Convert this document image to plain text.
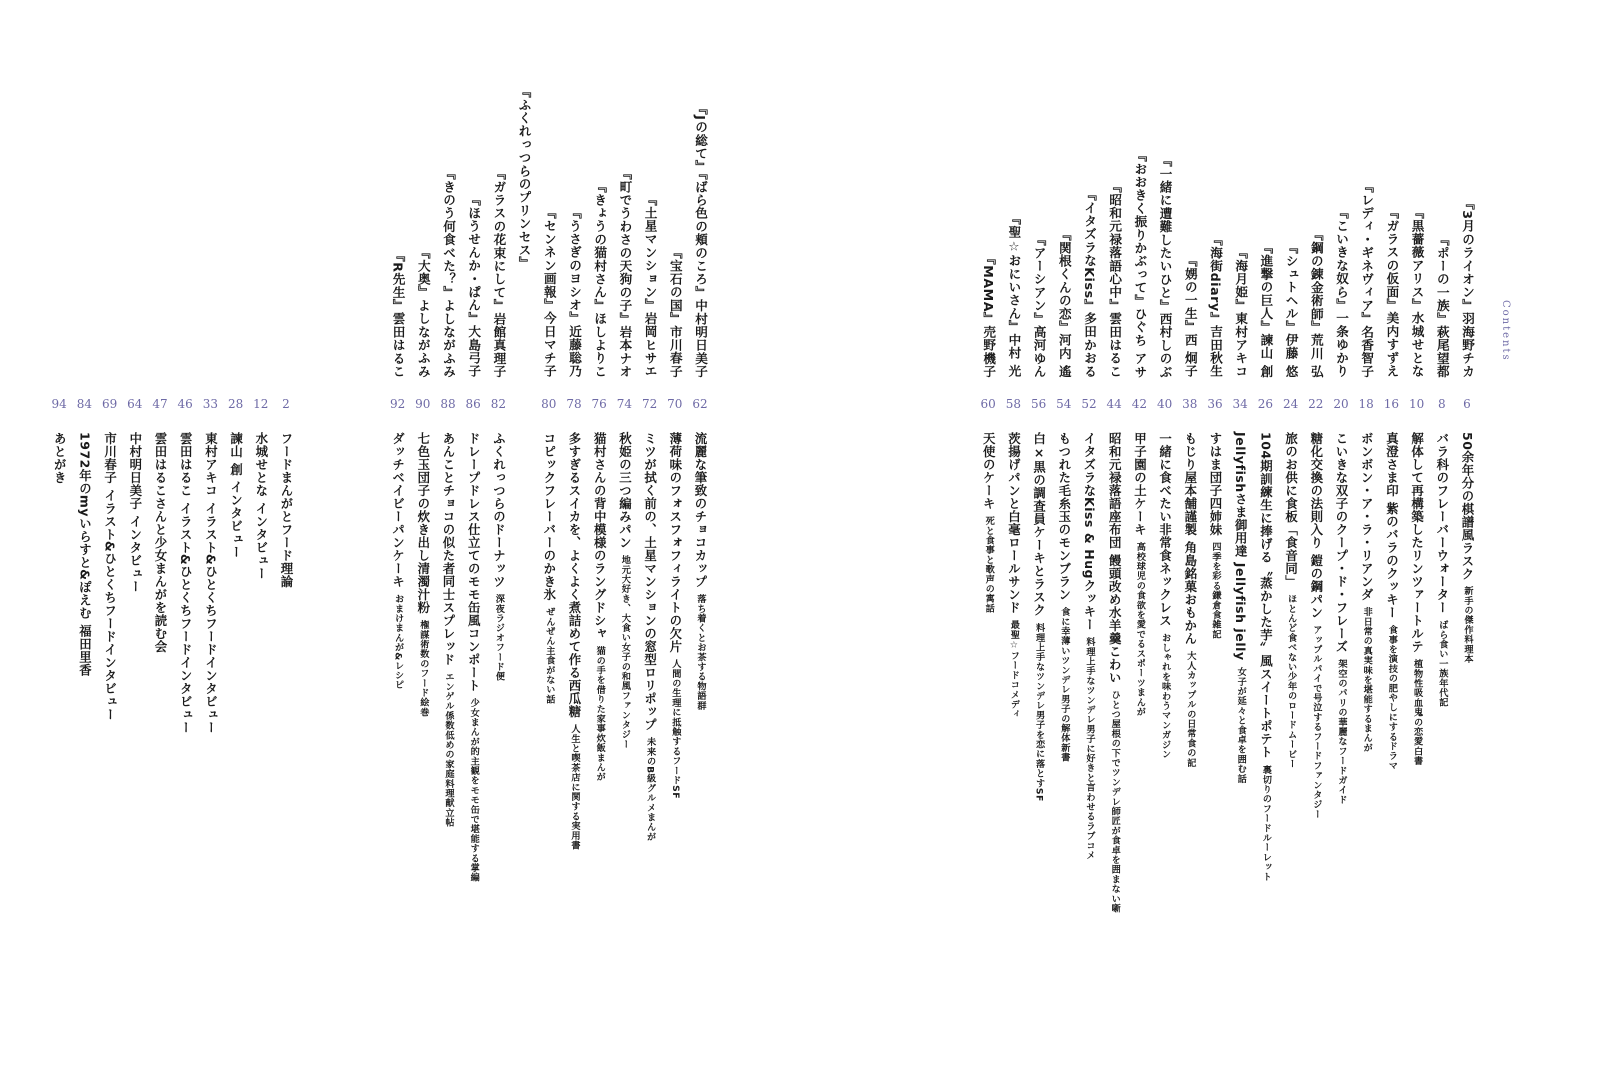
Contents
『3月のライオン』羽海野チカ
6
50余年分の棋譜風ラスク新手の傑作料理本
『ポーの一族』萩尾望都
8
バラ科のフレーバーウォーターばら食い一族年代記
『黒薔薇アリス』水城せとな
10
解体して再構築したリンツァートルテ植物性吸血鬼の恋愛白書
『ガラスの仮面』美内すずえ
16
真澄さま印 紫のバラのクッキー食事を演技の肥やしにするドラマ
『レディ・ギネヴィア』名香智子
18
ボンボン・ア・ラ・リアンダ非日常の真実味を堪能するまんが
『こいきな奴ら』一条ゆかり
20
こいきな双子のクープ・ド・フレーズ架空のパリの華麗なフードガイド
『鋼の錬金術師』荒川 弘
22
糖化交換の法則入り 鎧の鋼パンアップルパイで号泣するフードファンタジー
『シュトヘル』伊藤 悠
24
旅のお供に食板「食音同」ほとんど食べない少年のロードムービー
『進撃の巨人』諫山 創
26
104期訓練生に捧げる〝蒸かした芋〟風スイートポテト裏切りのフードルーレット
『海月姫』東村アキコ
34
Jellyfishさま御用達 Jellyfish jelly女子が延々と食卓を囲む話
『海街diary』吉田秋生
36
すはま団子四姉妹四季を彩る鎌倉食雑記
『娚の一生』西 炯子
38
もじり屋本舗謹製 角島銘菓おもかん大人カップルの日常食の記
『一緒に遭難したいひと』西村しのぶ
40
一緒に食べたい非常食ネックレスおしゃれを味わうマンガジン
『おおきく振りかぶって』ひぐち アサ
42
甲子園の土ケーキ高校球児の食欲を愛でるスポーツまんが
『昭和元禄落語心中』雲田はるこ
44
昭和元禄落語座布団 饅頭改め水羊羹こわいひとつ屋根の下でツンデレ師匠が食卓を囲まない噺
『イタズラなKiss』多田かおる
52
イタズラなKiss & Hugクッキー料理上手なツンデレ男子に好きと言わせるラブコメ
『関根くんの恋』河内 遙
54
もつれた毛糸玉のモンブラン食に幸薄いツンデレ男子の解体新書
『アーシアン』高河ゆん
56
白×黒の調査員ケーキとラスク料理上手なツンデレ男子を恋に落とすSF
『聖☆おにいさん』中村 光
58
茨揚げパンと白毫ロールサンド最聖☆フードコメディ
『MAMA』売野機子
60
天使のケーキ死と食事と歌声の寓話
『Jの総て』『ばら色の頬のころ』中村明日美子
62
流麗な筆致のチョコカップ落ち着くとお茶する物語群
『宝石の国』市川春子
70
薄荷味のフォスフォフィライトの欠片人間の生理に抵触するフードSF
『土星マンション』岩岡ヒサエ
72
ミツが拭く前の、土星マンションの窓型ロリポップ未来のB級グルメまんが
『町でうわさの天狗の子』岩本ナオ
74
秋姫の三つ編みパン地元大好き、大食い女子の和風ファンタジー
『きょうの猫村さん』ほしよりこ
76
猫村さんの背中模様のラングドシャ猫の手を借りた家事炊飯まんが
『うさぎのヨシオ』近藤聡乃
78
多すぎるスイカを、よくよく煮詰めて作る西瓜糖人生と喫茶店に関する実用書
『センネン画報』今日マチ子
80
コピックフレーバーのかき氷ぜんぜん主食がない話
『ふくれっつらのプリンセス』
『ガラスの花束にして』岩館真理子
82
ふくれっつらのドーナッツ深夜ラジオフード便
『ほうせんか・ぱん』大島弓子
86
ドレープドレス仕立てのモモ缶風コンポート少女まんが的主観をモモ缶で堪能する掌編
『きのう何食べた？』よしながふみ
88
あんことチョコの似た者同士スプレッドエンゲル係数低めの家庭料理献立帖
『大奥』よしながふみ
90
七色玉団子の炊き出し清濁汁粉権謀術数のフード絵巻
『R先生』雲田はるこ
92
ダッチベイビーパンケーキおまけまんが&レシピ
2
フードまんがとフード理論
12
水城せとな インタビュー
28
諫山 創 インタビュー
33
東村アキコ イラスト&ひとくちフードインタビュー
46
雲田はるこ イラスト&ひとくちフードインタビュー
47
雲田はるこさんと少女まんがを読む会
64
中村明日美子 インタビュー
69
市川春子 イラスト&ひとくちフードインタビュー
84
1972年のmyいらすと&ぽえむ 福田里香
94
あとがき
